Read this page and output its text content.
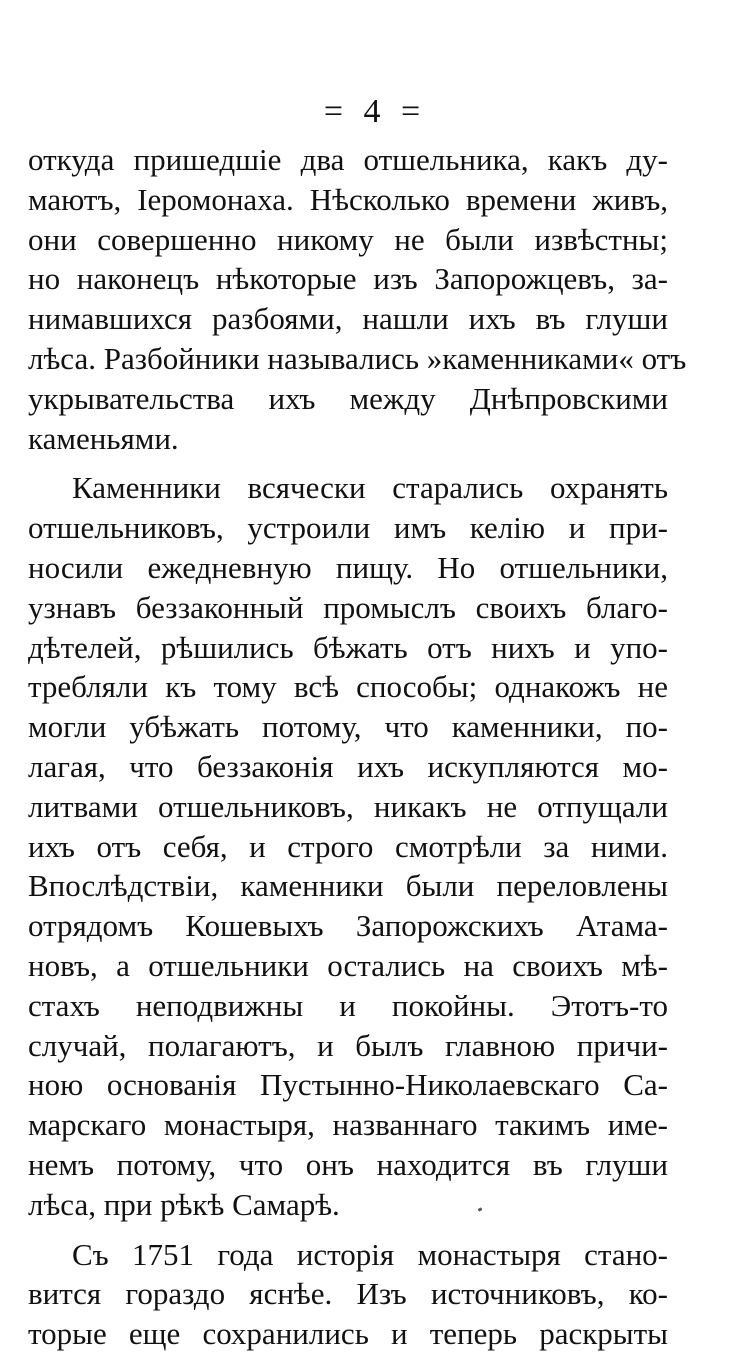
= 4 =
откуда пришедшіе два отшельника, какъ ду-
маютъ, Іеромонаха. Нѣсколько времени живъ,
они совершенно никому не были извѣстны;
но наконецъ нѣкоторые изъ Запорожцевъ, за-
нимавшихся разбоями, нашли ихъ въ глуши
лѣса. Разбойники назывались »каменниками« отъ
укрывательства ихъ между Днѣпровскими
каменьями.
Каменники всячески старались охранять
отшельниковъ, устроили имъ келію и при-
носили ежедневную пищу. Но отшельники,
узнавъ беззаконный промыслъ своихъ благо-
дѣтелей, рѣшились бѣжать отъ нихъ и упо-
требляли къ тому всѣ способы; однакожъ не
могли убѣжать потому, что каменники, по-
лагая, что беззаконія ихъ искупляются мо-
литвами отшельниковъ, никакъ не отпущали
ихъ отъ себя, и строго смотрѣли за ними.
Впослѣдствіи, каменники были переловлены
отрядомъ Кошевыхъ Запорожскихъ Атама-
новъ, а отшельники остались на своихъ мѣ-
стахъ неподвижны и покойны. Этотъ-то
случай, полагаютъ, и былъ главною причи-
ною основанія Пустынно-Николаевскаго Са-
марскаго монастыря, названнаго такимъ име-
немъ потому, что онъ находится въ глуши
лѣса, при рѣкѣ Самарѣ.
Съ 1751 года исторія монастыря стано-
вится гораздо яснѣе. Изъ источниковъ, ко-
торые еще сохранились и теперь раскрыты
